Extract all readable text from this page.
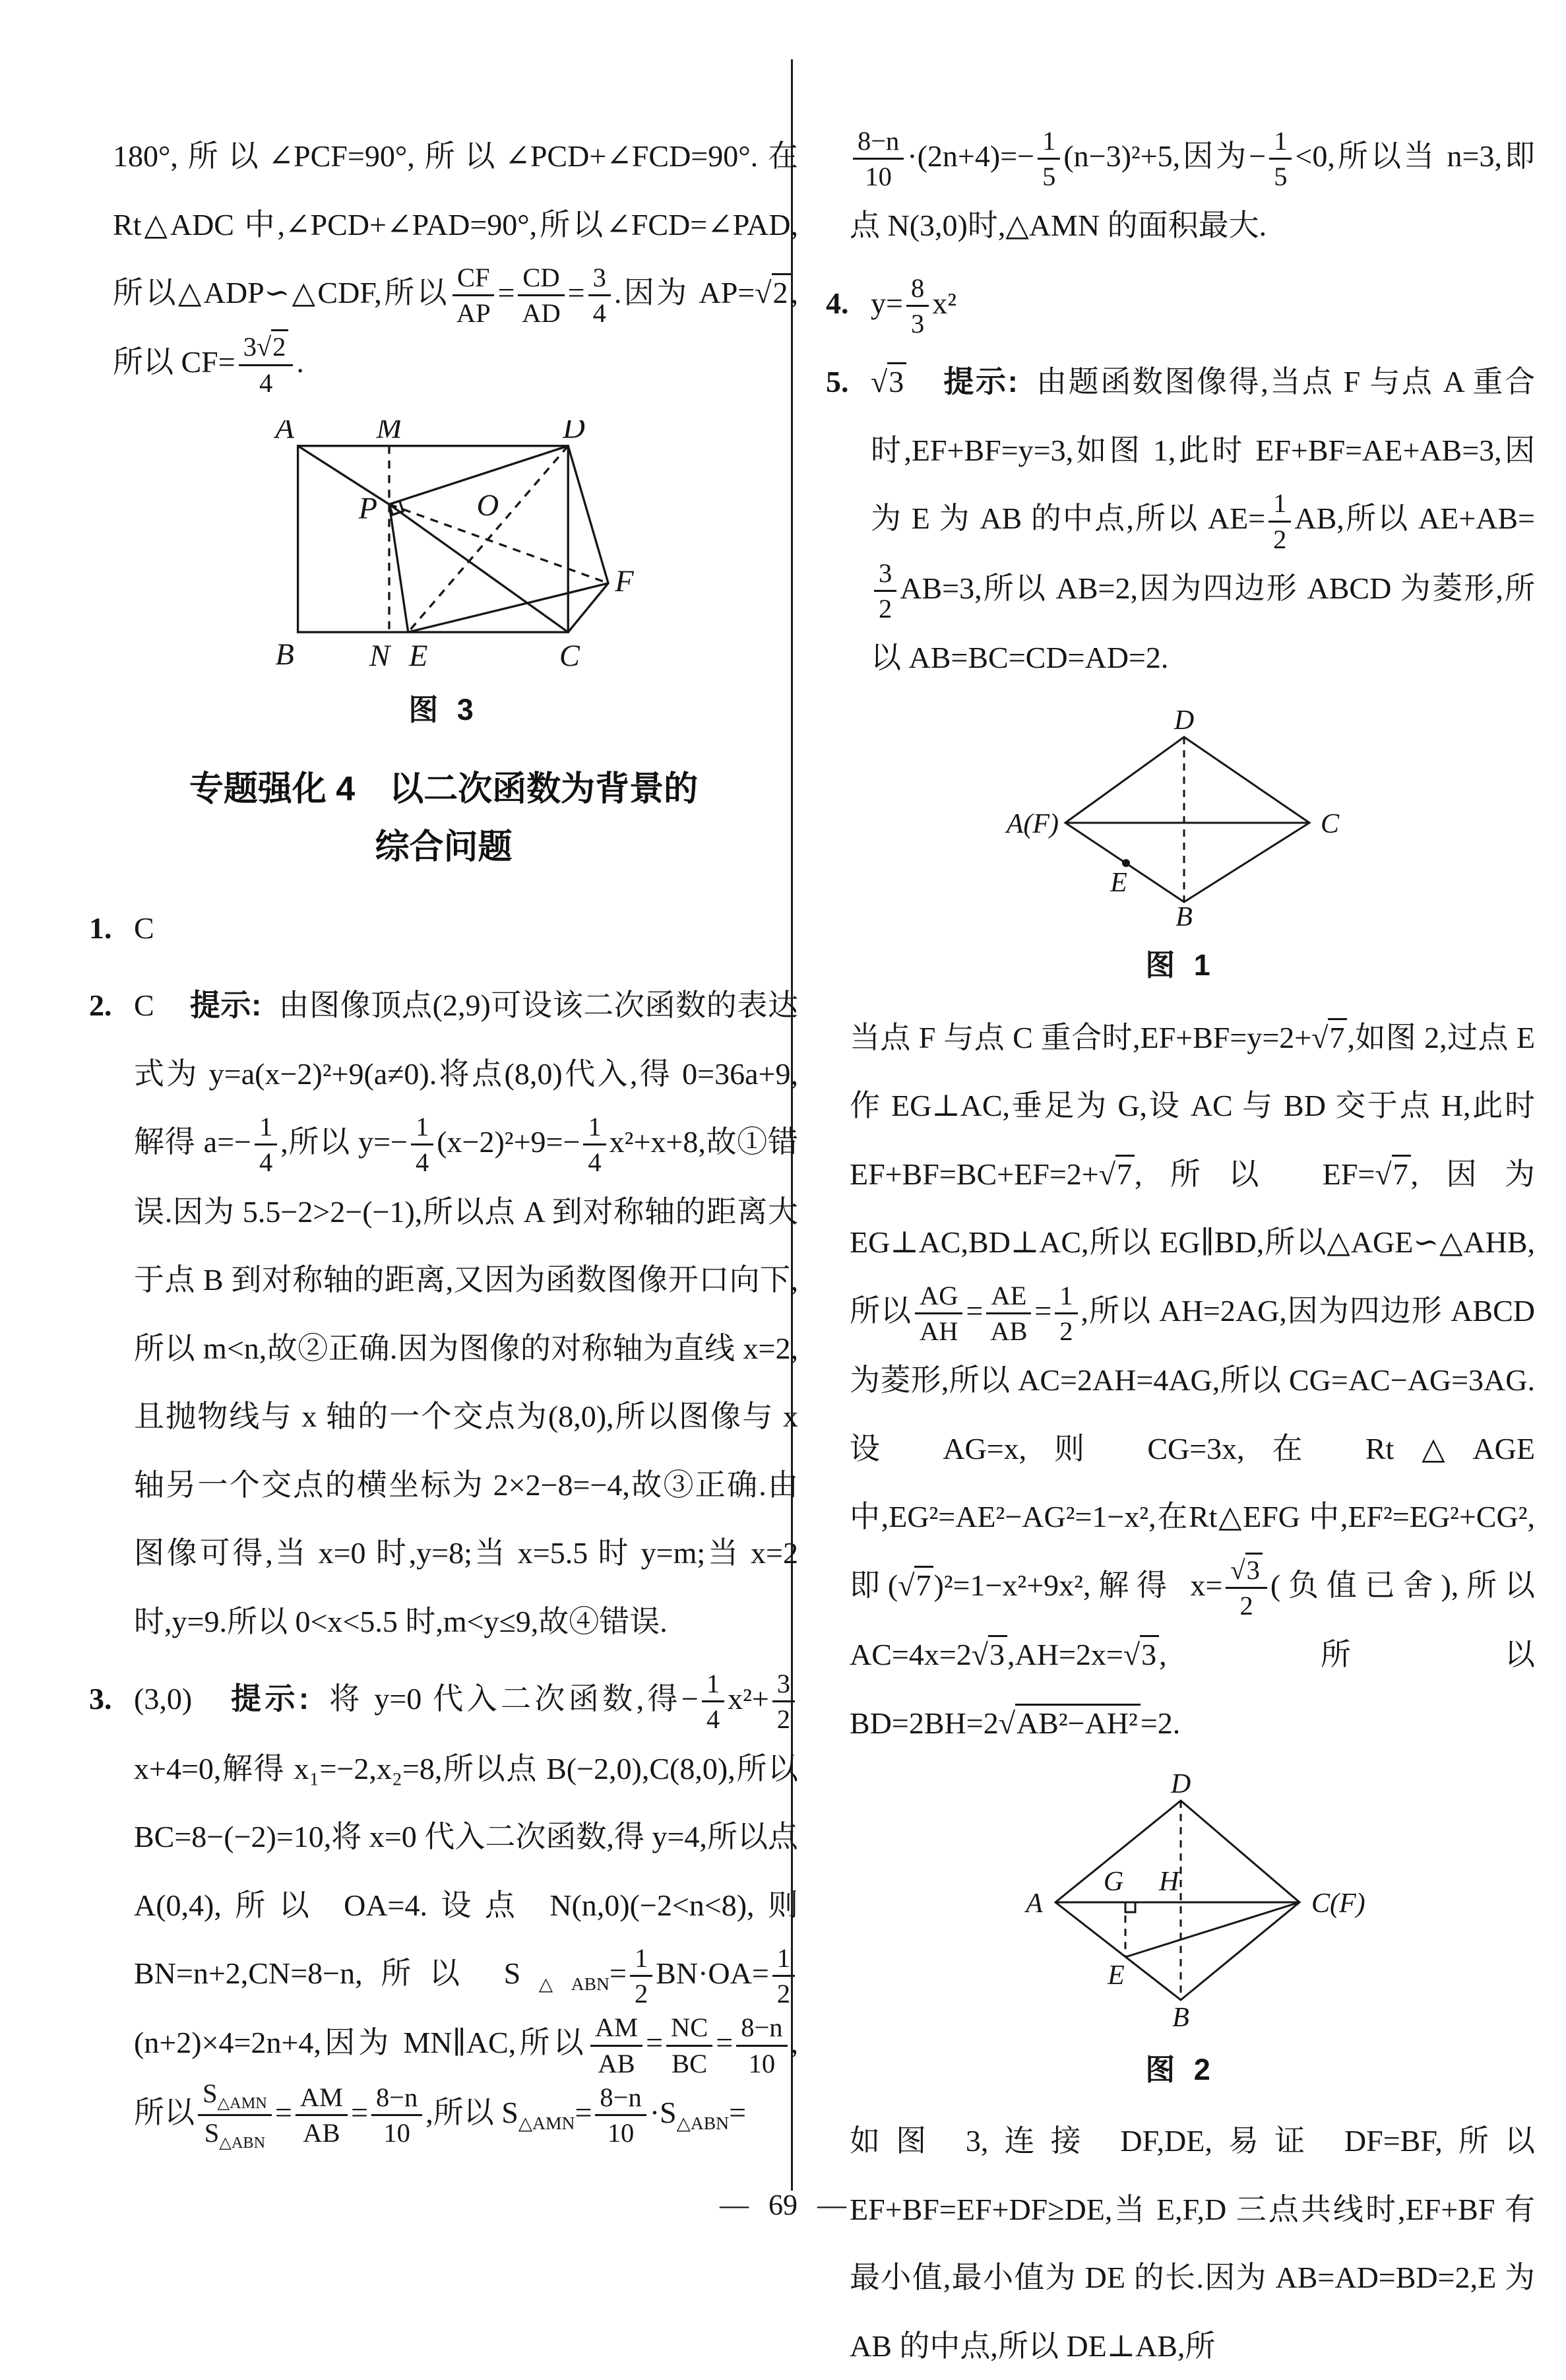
180°,所以∠PCF=90°,所以∠PCD+∠FCD=90°.在 Rt△ADC 中,∠PCD+∠PAD=90°,所以∠FCD=∠PAD,所以△ADP∽△CDF,所以 $\frac{CF}{AP} = \frac{CD}{AD} = \frac{3}{4}$ .因为 AP=√2,所以 $CF= \frac{3√2}{4}$ .
A	M	D
P	O
F
B	N E	C
图 3
专题强化 4　以二次函数为背景的
综合问题
1. C
2. C 提示: 由图像顶点(2,9)可设该二次函数的表达式为 y=a(x−2)²+9(a≠0).将点(8,0)代入,得 0=36a+9,解得 $a=- \frac{1}{4}$ ,所以 $y=- \frac{1}{4} (x-2)^2+9=- \frac{1}{4} x^2+x+8$,故①错误.因为 5.5−2>2−(−1),所以点 A 到对称轴的距离大于点 B 到对称轴的距离,又因为函数图像开口向下,所以 m<n,故②正确.因为图像的对称轴为直线 x=2,且抛物线与 x 轴的一个交点为(8,0),所以图像与 x 轴另一个交点的横坐标为 2×2−8=−4,故③正确.由图像可得,当 x=0 时,y=8;当 x=5.5 时 y=m;当 x=2 时,y=9.所以 0<x<5.5 时,m<y≤9,故④错误.
3. (3,0) 提示: 将 y=0 代入二次函数,得− $\frac{1}{4} x^2+ \frac{3}{2}$
x+4=0,解得 x₁=−2,x₂=8,所以点 B(−2,0),C(8,0),所以 BC=8−(−2)=10,将 x=0 代入二次函数,得 y=4,所以点 A(0,4),所以 OA=4.设点 N(n,0)(−2<n<8),则 BN=n+2,CN=8−n,所以 $S_{\triangle ABN}= \frac{1}{2} BN\cdot OA= \frac{1}{2}$
(n+2)×4=2n+4,因为 MN∥AC,所以 $\frac{AM}{AB} = \frac{NC}{BC} = \frac{8-n}{10}$ ,所以 $\frac{S_{\triangle AMN}}{S_{\triangle ABN}} = \frac{AM}{AB} = \frac{8-n}{10}$ ,所以 $S_{\triangle AMN}= \frac{8-n}{10} \cdot S_{\triangle ABN}=$
$\frac{8-n}{10} \cdot(2n+4)=- \frac{1}{5} (n-3)^2+5$,因为− $\frac{1}{5} <0$,所以当 n=3,即点 N(3,0)时,△AMN 的面积最大.
4. $y= \frac{8}{3} x^2$
5. √3 提示: 由题函数图像得,当点 F 与点 A 重合时,EF+BF=y=3,如图 1,此时 EF+BF=AE+AB=3,因为 E 为 AB 的中点,所以 $AE= \frac{1}{2}$ AB,所以 AE+AB=
$\frac{3}{2} AB=3$,所以 AB=2,因为四边形 ABCD 为菱形,所以 AB=BC=CD=AD=2.
D
A(F)	C
B
E
图 1
当点 F 与点 C 重合时,EF+BF=y=2+√7,如图 2,过点 E 作 EG⊥AC,垂足为 G,设 AC 与 BD 交于点 H,此时 EF+BF=BC+EF=2+√7,所以 EF=√7,因为 EG⊥AC,BD⊥AC,所以 EG∥BD,所以△AGE∽△AHB,所以 $\frac{AG}{AH} = \frac{AE}{AB} = \frac{1}{2}$ ,所以 AH=2AG,因为四边形 ABCD 为菱形,所以 AC=2AH=4AG,所以 CG=AC−AG=3AG.设 AG=x,则 CG=3x,在 Rt△AGE 中,EG²=AE²−AG²=1−x²,在Rt△EFG 中,EF²=EG²+CG²,即(√7)²=1−x²+9x²,解得 $x= \frac{√3}{2}$ (负值已舍),所以 AC=4x=2√3,AH=2x=√3,所以 BD=2BH=2√AB²−AH²=2.
D
A	C(F)
B
G H
E
图 2
如图 3,连接 DF,DE,易证 DF=BF,所以 EF+BF=EF+DF≥DE,当 E,F,D 三点共线时,EF+BF 有最小值,最小值为 DE 的长.因为 AB=AD=BD=2,E 为 AB 的中点,所以 DE⊥AB,所
— 69 —
